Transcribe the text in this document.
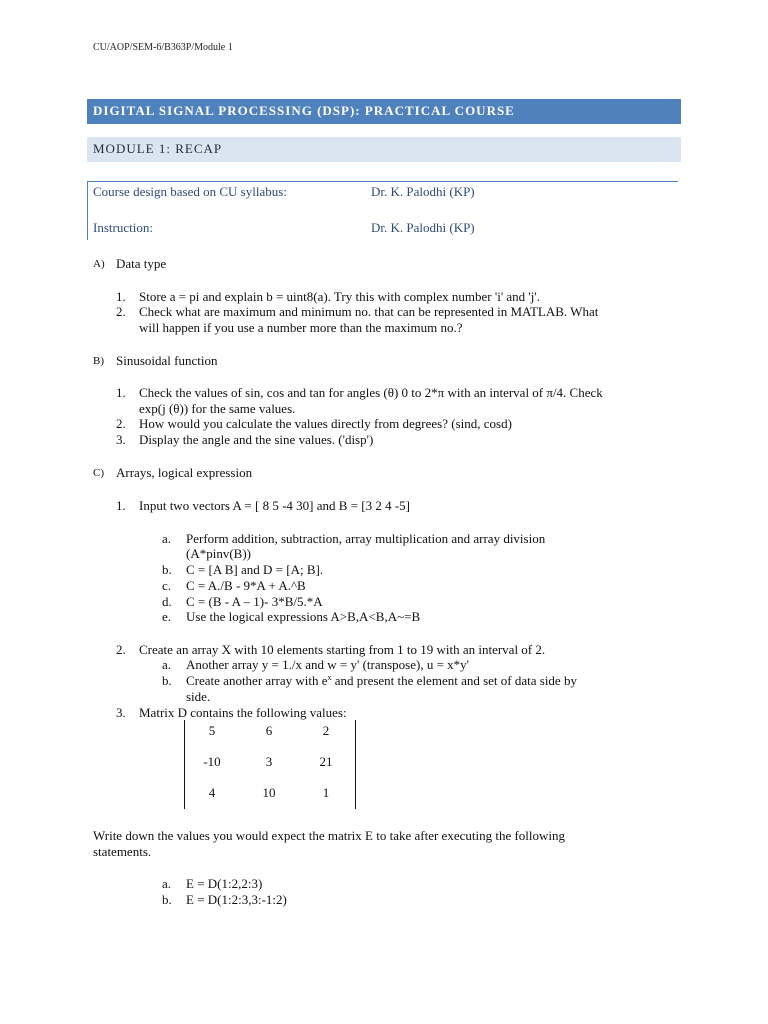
CU/AOP/SEM-6/B363P/Module 1
DIGITAL SIGNAL PROCESSING (DSP): PRACTICAL COURSE
MODULE 1: RECAP
Course design based on CU syllabus:	Dr. K. Palodhi (KP)
Instruction:	Dr. K. Palodhi (KP)
A) Data type
1. Store a = pi and explain b = uint8(a). Try this with complex number 'i' and 'j'.
2. Check what are maximum and minimum no. that can be represented in MATLAB. What
will happen if you use a number more than the maximum no.?
B) Sinusoidal function
1. Check the values of sin, cos and tan for angles (θ) 0 to 2*π with an interval of π/4. Check
exp(j (θ)) for the same values.
2. How would you calculate the values directly from degrees? (sind, cosd)
3. Display the angle and the sine values. ('disp')
C) Arrays, logical expression
1. Input two vectors A = [ 8 5 -4 30] and B = [3 2 4 -5]
a. Perform addition, subtraction, array multiplication and array division
(A*pinv(B))
b. C = [A B] and D = [A; B].
c. C = A./B - 9*A + A.^B
d. C = (B - A – 1)- 3*B/5.*A
e. Use the logical expressions A>B,A<B,A~=B
2. Create an array X with 10 elements starting from 1 to 19 with an interval of 2.
a. Another array y = 1./x and w = y' (transpose), u = x*y'
b. Create another array with $e^x$ and present the element and set of data side by
side.
3. Matrix D contains the following values:
5	6	2
-10	3	21
4	10	1
Write down the values you would expect the matrix E to take after executing the following
statements.
a. E = D(1:2,2:3)
b. E = D(1:2:3,3:-1:2)
